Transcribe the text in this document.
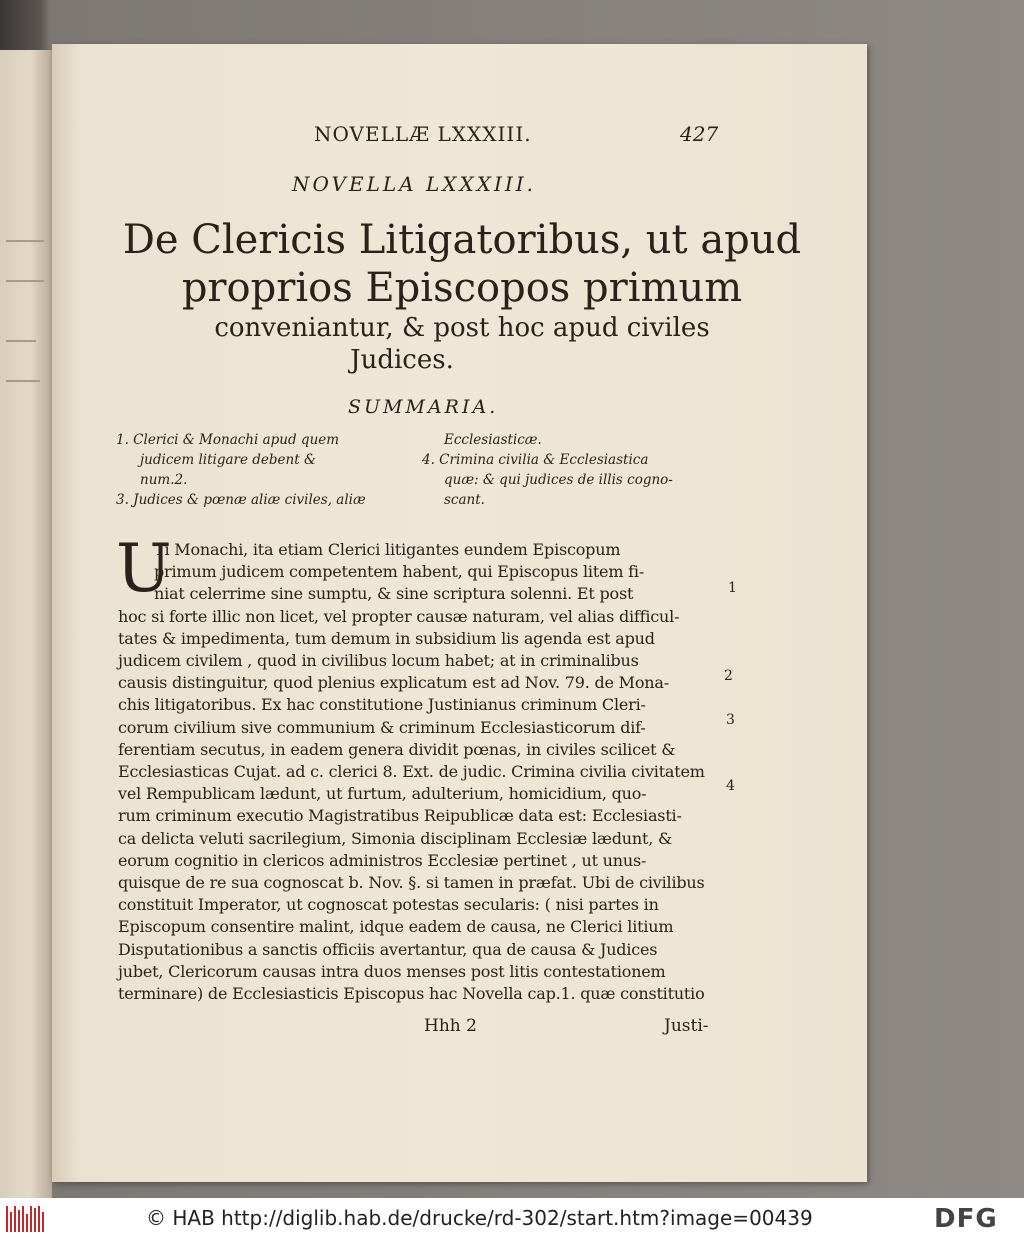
NOVELLÆ LXXXIII.	427
NOVELLA LXXXIII.
De Clericis Litigatoribus, ut apud
proprios Episcopos primum
conveniantur, & post hoc apud civiles
Judices.
SUMMARIA.
1. Clerici & Monachi apud quem
judicem litigare debent &
num.2.
3. Judices & pœnæ aliæ civiles, aliæ
Ecclesiasticæ.
4. Crimina civilia & Ecclesiastica
quæ: & qui judices de illis cogno-
scant.
U
Ti Monachi, ita etiam Clerici litigantes eundem Episcopum
primum judicem competentem habent, qui Episcopus litem fi-
niat celerrime sine sumptu, & sine scriptura solenni. Et post
hoc si forte illic non licet, vel propter causæ naturam, vel alias difficul-
tates & impedimenta, tum demum in subsidium lis agenda est apud
judicem civilem , quod in civilibus locum habet; at in criminalibus
causis distinguitur, quod plenius explicatum est ad Nov. 79. de Mona-
chis litigatoribus. Ex hac constitutione Justinianus criminum Cleri-
corum civilium sive communium & criminum Ecclesiasticorum dif-
ferentiam secutus, in eadem genera dividit pœnas, in civiles scilicet &
Ecclesiasticas Cujat. ad c. clerici 8. Ext. de judic. Crimina civilia civitatem
vel Rempublicam lædunt, ut furtum, adulterium, homicidium, quo-
rum criminum executio Magistratibus Reipublicæ data est: Ecclesiasti-
ca delicta veluti sacrilegium, Simonia disciplinam Ecclesiæ lædunt, &
eorum cognitio in clericos administros Ecclesiæ pertinet , ut unus-
quisque de re sua cognoscat b. Nov. §. si tamen in præfat. Ubi de civilibus
constituit Imperator, ut cognoscat potestas secularis: ( nisi partes in
Episcopum consentire malint, idque eadem de causa, ne Clerici litium
Disputationibus a sanctis officiis avertantur, qua de causa & Judices
jubet, Clericorum causas intra duos menses post litis contestationem
terminare) de Ecclesiasticis Episcopus hac Novella cap.1. quæ constitutio
1
2
3
4
Hhh 2	Justi-
© HAB http://diglib.hab.de/drucke/rd-302/start.htm?image=00439	DFG
